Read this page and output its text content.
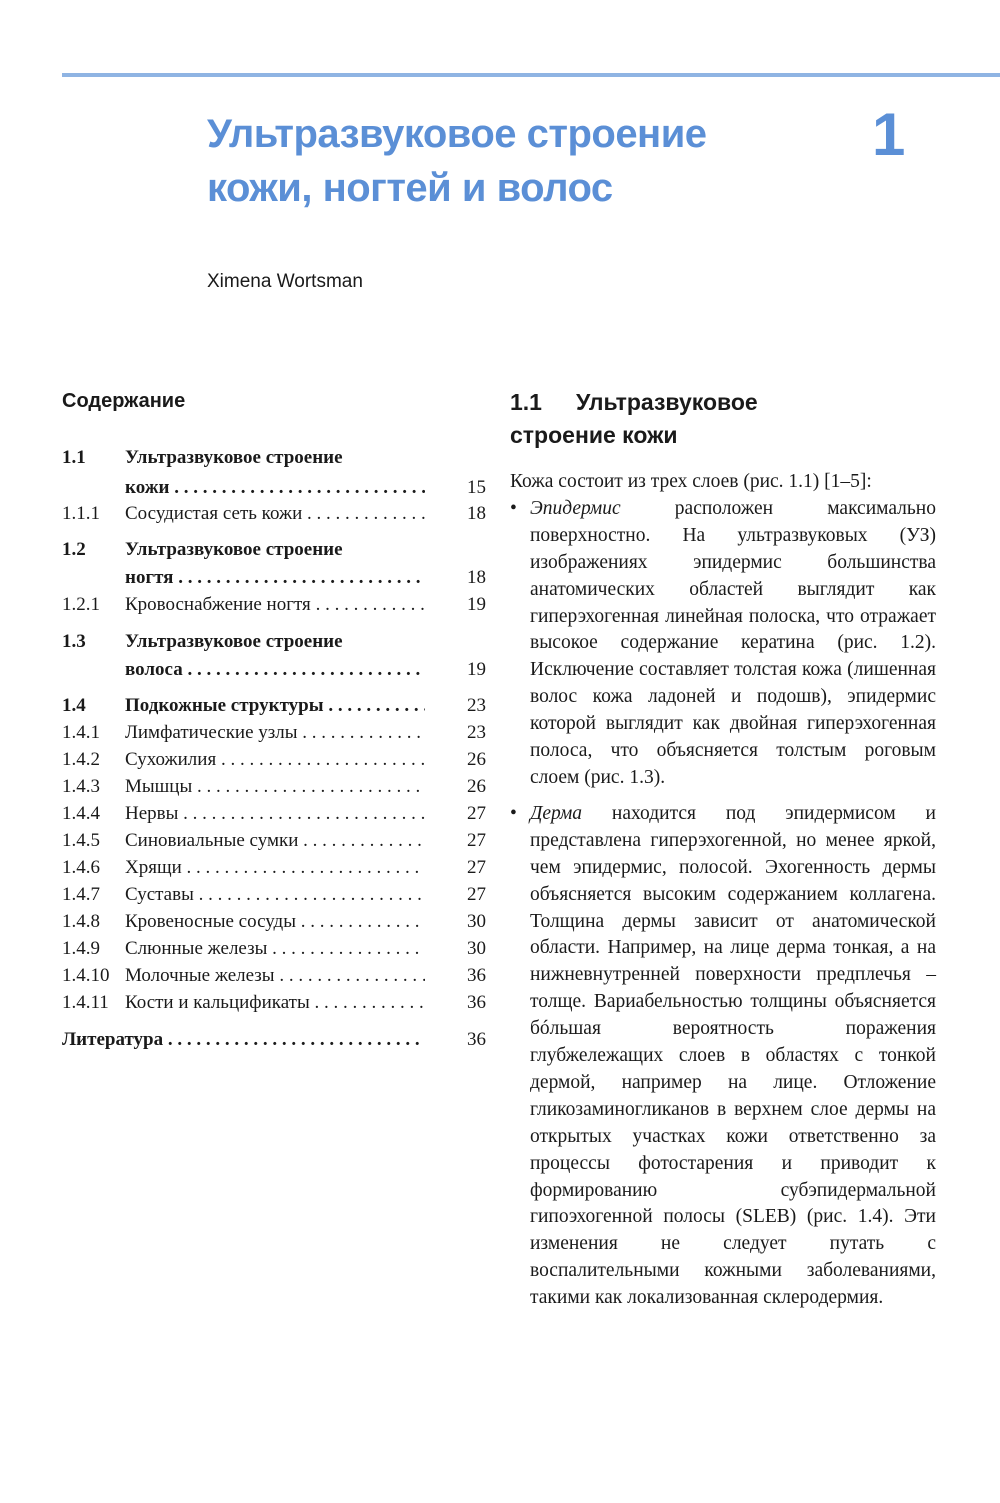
Ультразвуковое строение
кожи, ногтей и волос
1
Ximena Wortsman
Содержание
1.1 Ультразвуковое строение
кожи . . .	15
1.1.1 Сосудистая сеть кожи . . .	18
1.2 Ультразвуковое строение
ногтя . . .	18
1.2.1 Кровоснабжение ногтя . . .	19
1.3 Ультразвуковое строение
волоса . . .	19
1.4 Подкожные структуры . . .	23
1.4.1 Лимфатические узлы . . .	23
1.4.2 Сухожилия . . .	26
1.4.3 Мышцы . . .	26
1.4.4 Нервы . . .	27
1.4.5 Синовиальные сумки . . .	27
1.4.6 Хрящи . . .	27
1.4.7 Суставы . . .	27
1.4.8 Кровеносные сосуды . . .	30
1.4.9 Слюнные железы . . .	30
1.4.10 Молочные железы . . .	36
1.4.11 Кости и кальцификаты . . .	36
Литература . . .	36
1.1 Ультразвуковое
строение кожи
Кожа состоит из трех слоев (рис. 1.1) [1–5]:
• Эпидермис расположен максимально поверхностно. На ультразвуковых (УЗ) изображениях эпидермис большинства анатомических областей выглядит как гиперэхогенная линейная полоска, что отражает высокое содержание кератина (рис. 1.2). Исключение составляет толстая кожа (лишенная волос кожа ладоней и подошв), эпидермис которой выглядит как двойная гиперэхогенная полоса, что объясняется толстым роговым слоем (рис. 1.3).
• Дерма находится под эпидермисом и представлена гиперэхогенной, но менее яркой, чем эпидермис, полосой. Эхогенность дермы объясняется высоким содержанием коллагена. Толщина дермы зависит от анатомической области. Например, на лице дерма тонкая, а на нижневнутренней поверхности предплечья – толще. Вариабельностью толщины объясняется бóльшая вероятность поражения глубжележащих слоев в областях с тонкой дермой, например на лице. Отложение гликозаминогликанов в верхнем слое дермы на открытых участках кожи ответственно за процессы фотостарения и приводит к формированию субэпидермальной гипоэхогенной полосы (SLEB) (рис. 1.4). Эти изменения не следует путать с воспалительными кожными заболеваниями, такими как локализованная склеродермия.
